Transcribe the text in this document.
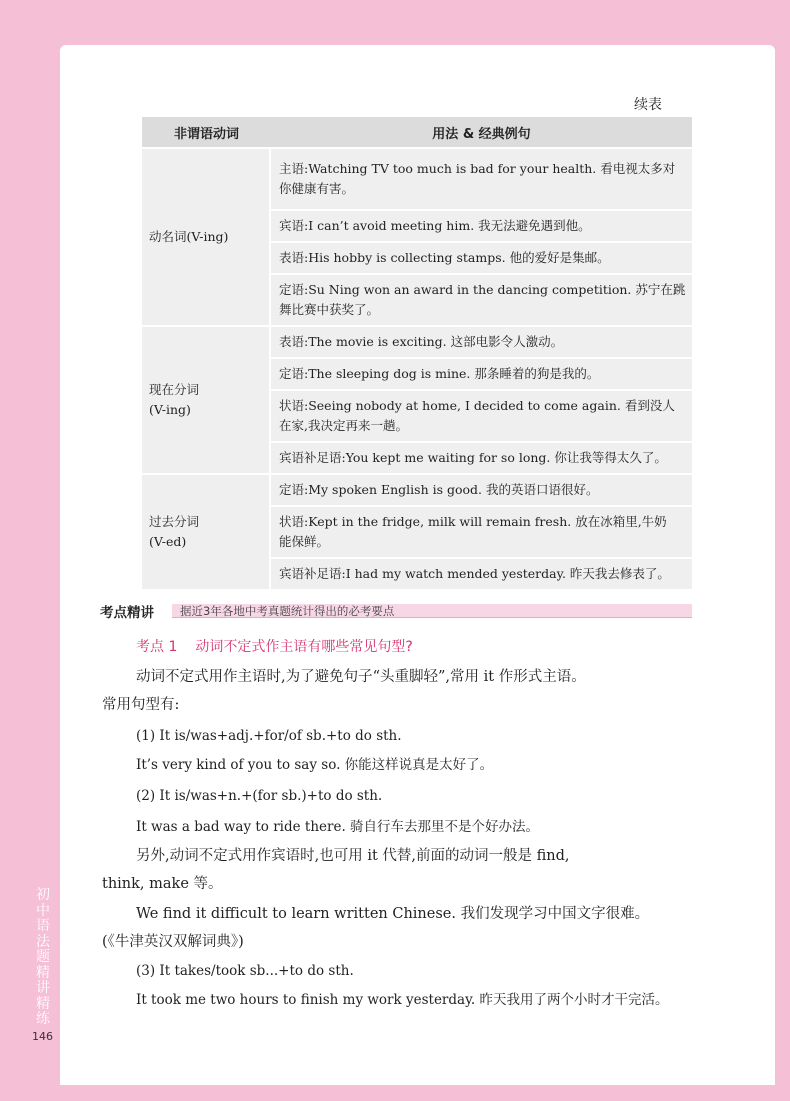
初中语法题精讲精练
146
续表
非谓语动词	用法 & 经典例句
动名词(V-ing)	主语:Watching TV too much is bad for your health. 看电视太多对
你健康有害。

	宾语:I can’t avoid meeting him. 我无法避免遇到他。

	表语:His hobby is collecting stamps. 他的爱好是集邮。

	定语:Su Ning won an award in the dancing competition. 苏宁在跳
舞比赛中获奖了。

现在分词
(V-ing)	表语:The movie is exciting. 这部电影令人激动。

	定语:The sleeping dog is mine. 那条睡着的狗是我的。

	状语:Seeing nobody at home, I decided to come again. 看到没人
在家,我决定再来一趟。

	宾语补足语:You kept me waiting for so long. 你让我等得太久了。

过去分词
(V-ed)	定语:My spoken English is good. 我的英语口语很好。

	状语:Kept in the fridge, milk will remain fresh. 放在冰箱里,牛奶
能保鲜。

	宾语补足语:I had my watch mended yesterday. 昨天我去修表了。
考点精讲	据近3年各地中考真题统计得出的必考要点
考点 1 动词不定式作主语有哪些常见句型?
动词不定式用作主语时,为了避免句子“头重脚轻”,常用 it 作形式主语。
常用句型有:
(1) It is/was+adj.+for/of sb.+to do sth.
It’s very kind of you to say so. 你能这样说真是太好了。
(2) It is/was+n.+(for sb.)+to do sth.
It was a bad way to ride there. 骑自行车去那里不是个好办法。
另外,动词不定式用作宾语时,也可用 it 代替,前面的动词一般是 find,
think, make 等。
We find it difficult to learn written Chinese. 我们发现学习中国文字很难。
(《牛津英汉双解词典》)
(3) It takes/took sb...+to do sth.
It took me two hours to finish my work yesterday. 昨天我用了两个小时才干完活。
